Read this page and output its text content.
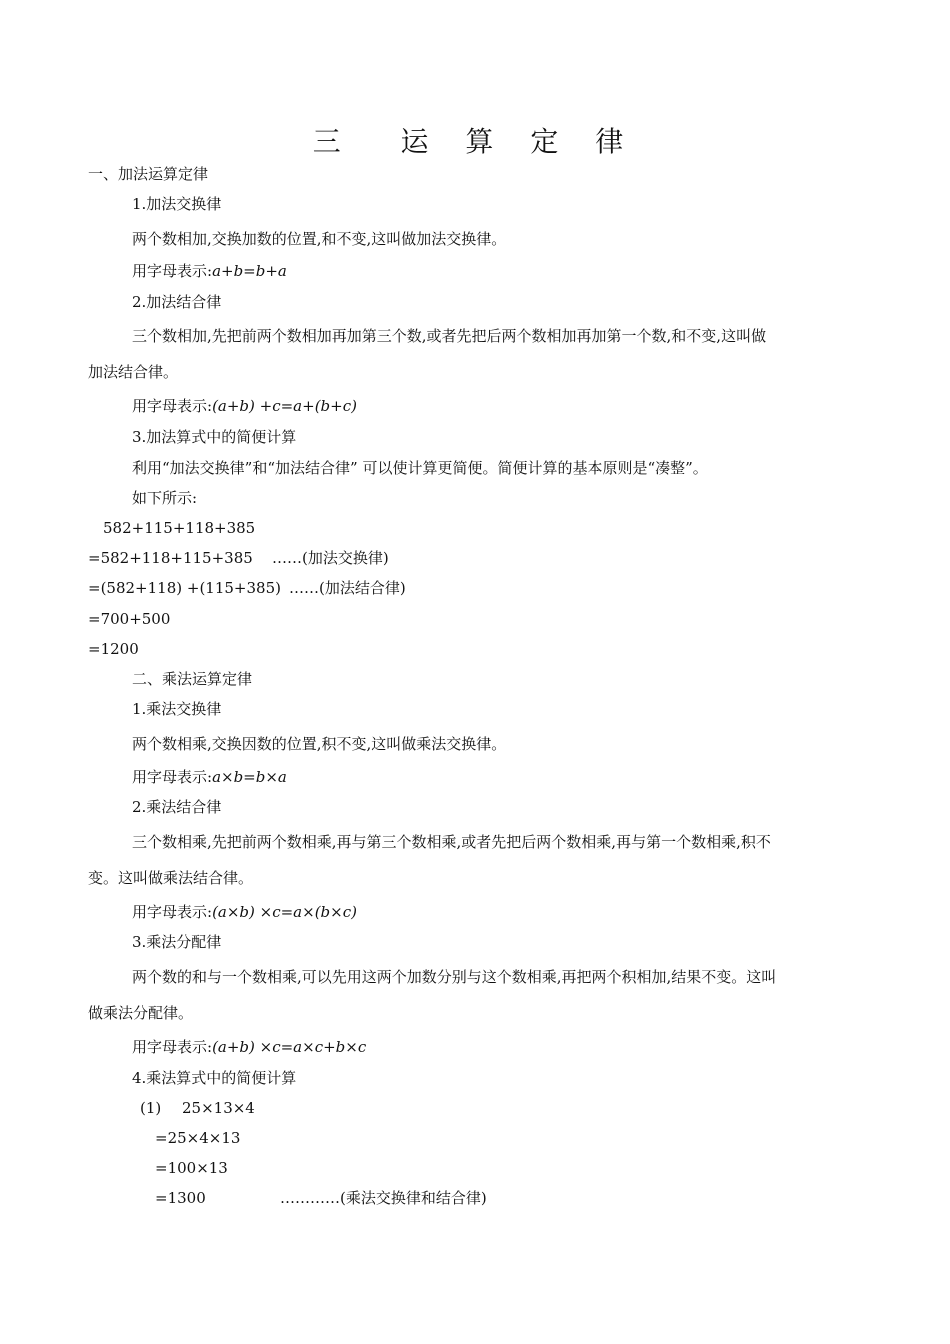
三  运 算 定 律
一、加法运算定律
1.加法交换律
两个数相加,交换加数的位置,和不变,这叫做加法交换律。
用字母表示:a+b=b+a
2.加法结合律
三个数相加,先把前两个数相加再加第三个数,或者先把后两个数相加再加第一个数,和不变,这叫做
加法结合律。
用字母表示:(a+b) +c=a+(b+c)
3.加法算式中的简便计算
利用“加法交换律”和“加法结合律” 可以使计算更简便。简便计算的基本原则是“凑整”。
如下所示:
582+115+118+385
=582+118+115+385 ……(加法交换律)
=(582+118) +(115+385) ……(加法结合律)
=700+500
=1200
二、乘法运算定律
1.乘法交换律
两个数相乘,交换因数的位置,积不变,这叫做乘法交换律。
用字母表示:a×b=b×a
2.乘法结合律
三个数相乘,先把前两个数相乘,再与第三个数相乘,或者先把后两个数相乘,再与第一个数相乘,积不
变。这叫做乘法结合律。
用字母表示:(a×b) ×c=a×(b×c)
3.乘法分配律
两个数的和与一个数相乘,可以先用这两个加数分别与这个数相乘,再把两个积相加,结果不变。这叫
做乘法分配律。
用字母表示:(a+b) ×c=a×c+b×c
4.乘法算式中的简便计算
(1) 25×13×4
=25×4×13
=100×13
=1300	…………(乘法交换律和结合律)
